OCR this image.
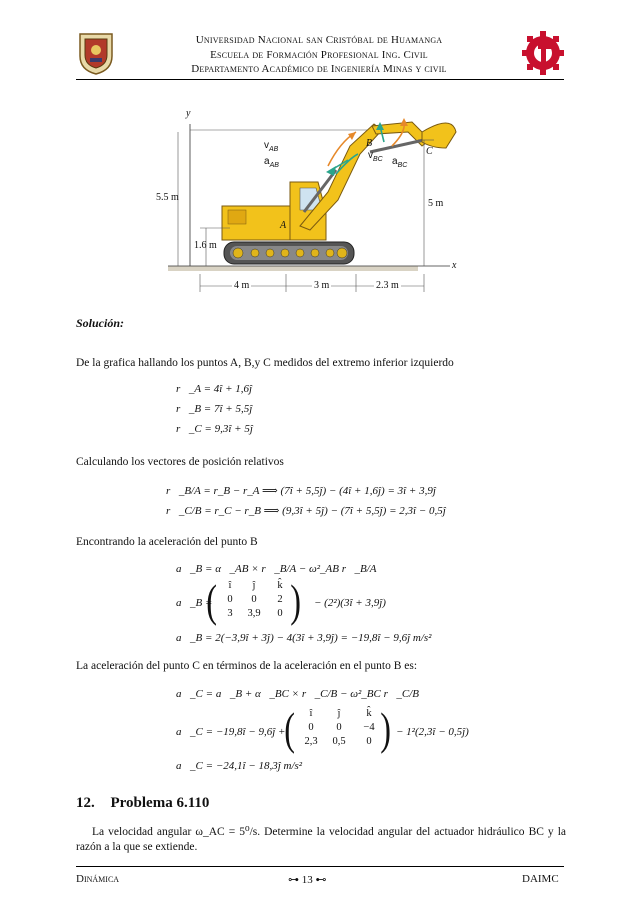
Universidad Nacional san Cristóbal de Huamanga
Escuela de Formación Profesional Ing. Civil
Departamento Académico de Ingeniería Minas y civil
y
x
$v_{AB}$
$a_{AB}$
B
C
$v_{BC}$ $a_{BC}$
A
5.5 m
1.6 m
5 m
4 m	3 m	2.3 m
Solución:

De la grafica hallando los puntos A, B,y C medidos del extremo inferior izquierdo

r⃗_A = 4î + 1,6ĵ
r⃗_B = 7î + 5,5ĵ
r⃗_C = 9,3î + 5ĵ

Calculando los vectores de posición relativos

r⃗_B/A = r_B − r_A ⟹ (7î + 5,5ĵ) − (4î + 1,6ĵ) = 3î + 3,9ĵ
r⃗_C/B = r_C − r_B ⟹ (9,3î + 5ĵ) − (7î + 5,5ĵ) = 2,3î − 0,5ĵ

Encontrando la aceleración del punto B

a⃗_B = α⃗_AB × r⃗_B/A − ω²_AB r⃗_B/A
a⃗_B =
(	î	ĵ	k̂
0	0	2
3	3,9	0 ) − (2²)(3î + 3,9ĵ)
a⃗_B = 2(−3,9î + 3ĵ) − 4(3î + 3,9ĵ) = −19,8î − 9,6ĵ m/s²

La aceleración del punto C en términos de la aceleración en el punto B es:

a⃗_C = a⃗_B + α⃗_BC × r⃗_C/B − ω²_BC r⃗_C/B
a⃗_C = −19,8î − 9,6ĵ +
(	î	ĵ	k̂
0	0	−4
2,3	0,5	0 ) − 1²(2,3î − 0,5ĵ)
a⃗_C = −24,1î − 18,3ĵ m/s²
12. Problema 6.110

La velocidad angular ω_AC = 5⁰/s. Determine la velocidad angular del actuador hidráulico BC y la razón a la que se extiende.

Dinámica	⊶ 13 ⊷	DAIMC
